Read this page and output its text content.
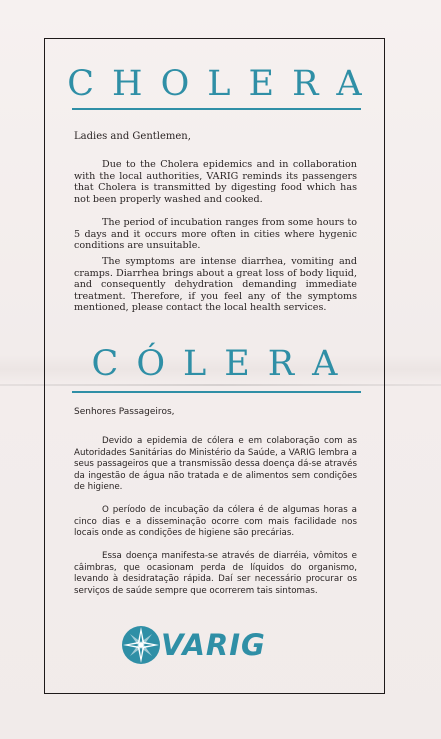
CHOLERA

Ladies and Gentlemen,

Due to the Cholera epidemics and in collaboration with the local authorities, VARIG reminds its passengers that Cholera is transmitted by digesting food which has not been properly washed and cooked.

The period of incubation ranges from some hours to 5 days and it occurs more often in cities where hygenic conditions are unsuitable.

The symptoms are intense diarrhea, vomiting and cramps. Diarrhea brings about a great loss of body liquid, and consequently dehydration demanding immediate treatment. Therefore, if you feel any of the symptoms mentioned, please contact the local health services.

CÓLERA

Senhores Passageiros,

Devido a epidemia de cólera e em colaboração com as Autoridades Sanitárias do Ministério da Saúde, a VARIG lembra a seus passageiros que a transmissão dessa doença dá-se através da ingestão de água não tratada e de alimentos sem condições de higiene.

O período de incubação da cólera é de algumas horas a cinco dias e a disseminação ocorre com mais facilidade nos locais onde as condições de higiene são precárias.

Essa doença manifesta-se através de diarréia, vômitos e câimbras, que ocasionam perda de líquidos do organismo, levando à desidratação rápida. Daí ser necessário procurar os serviços de saúde sempre que ocorrerem tais sintomas.

VARIG
